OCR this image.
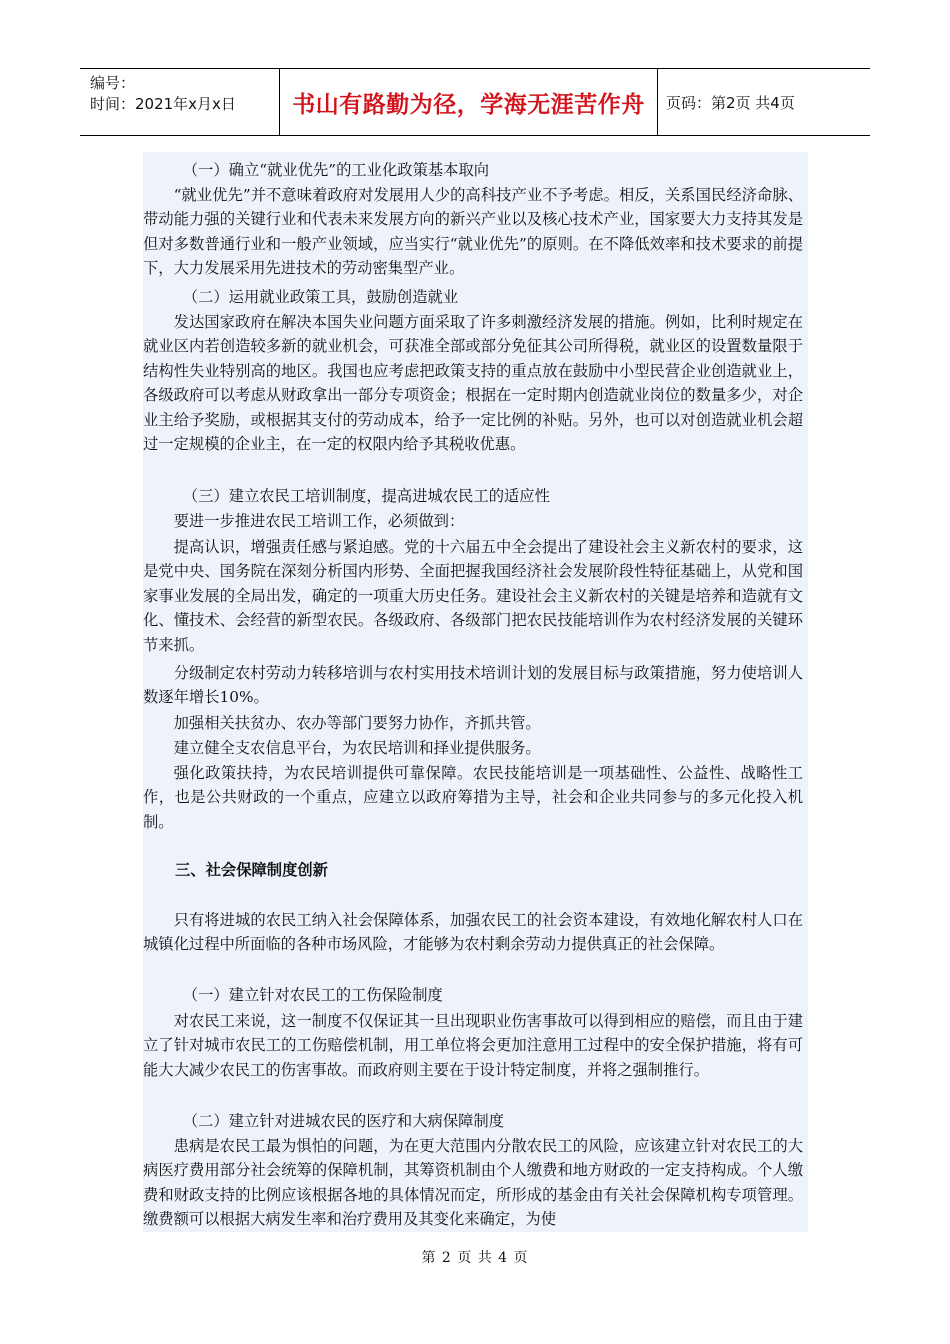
编号：
时间：2021年x月x日	书山有路勤为径，学海无涯苦作舟	页码：第2页 共4页

（一）确立“就业优先”的工业化政策基本取向

“就业优先”并不意味着政府对发展用人少的高科技产业不予考虑。相反，关系国民经济命脉、带动能力强的关键行业和代表未来发展方向的新兴产业以及核心技术产业，国家要大力支持其发是但对多数普通行业和一般产业领域，应当实行“就业优先”的原则。在不降低效率和技术要求的前提下，大力发展采用先进技术的劳动密集型产业。

（二）运用就业政策工具，鼓励创造就业

发达国家政府在解决本国失业问题方面采取了许多刺激经济发展的措施。例如，比利时规定在就业区内若创造较多新的就业机会，可获准全部或部分免征其公司所得税，就业区的设置数量限于结构性失业特别高的地区。我国也应考虑把政策支持的重点放在鼓励中小型民营企业创造就业上，各级政府可以考虑从财政拿出一部分专项资金；根据在一定时期内创造就业岗位的数量多少，对企业主给予奖励，或根据其支付的劳动成本，给予一定比例的补贴。另外，也可以对创造就业机会超过一定规模的企业主，在一定的权限内给予其税收优惠。

（三）建立农民工培训制度，提高进城农民工的适应性

要进一步推进农民工培训工作，必须做到：

提高认识，增强责任感与紧迫感。党的十六届五中全会提出了建设社会主义新农村的要求，这是党中央、国务院在深刻分析国内形势、全面把握我国经济社会发展阶段性特征基础上，从党和国家事业发展的全局出发，确定的一项重大历史任务。建设社会主义新农村的关键是培养和造就有文化、懂技术、会经营的新型农民。各级政府、各级部门把农民技能培训作为农村经济发展的关键环节来抓。

分级制定农村劳动力转移培训与农村实用技术培训计划的发展目标与政策措施，努力使培训人数逐年增长10%。

加强相关扶贫办、农办等部门要努力协作，齐抓共管。

建立健全支农信息平台，为农民培训和择业提供服务。

强化政策扶持，为农民培训提供可靠保障。农民技能培训是一项基础性、公益性、战略性工作，也是公共财政的一个重点，应建立以政府筹措为主导，社会和企业共同参与的多元化投入机制。

三、社会保障制度创新

只有将进城的农民工纳入社会保障体系，加强农民工的社会资本建设，有效地化解农村人口在城镇化过程中所面临的各种市场风险，才能够为农村剩余劳动力提供真正的社会保障。

（一）建立针对农民工的工伤保险制度

对农民工来说，这一制度不仅保证其一旦出现职业伤害事故可以得到相应的赔偿，而且由于建立了针对城市农民工的工伤赔偿机制，用工单位将会更加注意用工过程中的安全保护措施，将有可能大大减少农民工的伤害事故。而政府则主要在于设计特定制度，并将之强制推行。

（二）建立针对进城农民的医疗和大病保障制度

患病是农民工最为惧怕的问题，为在更大范围内分散农民工的风险，应该建立针对农民工的大病医疗费用部分社会统筹的保障机制，其筹资机制由个人缴费和地方财政的一定支持构成。个人缴费和财政支持的比例应该根据各地的具体情况而定，所形成的基金由有关社会保障机构专项管理。缴费额可以根据大病发生率和治疗费用及其变化来确定，为使

第 2 页 共 4 页
